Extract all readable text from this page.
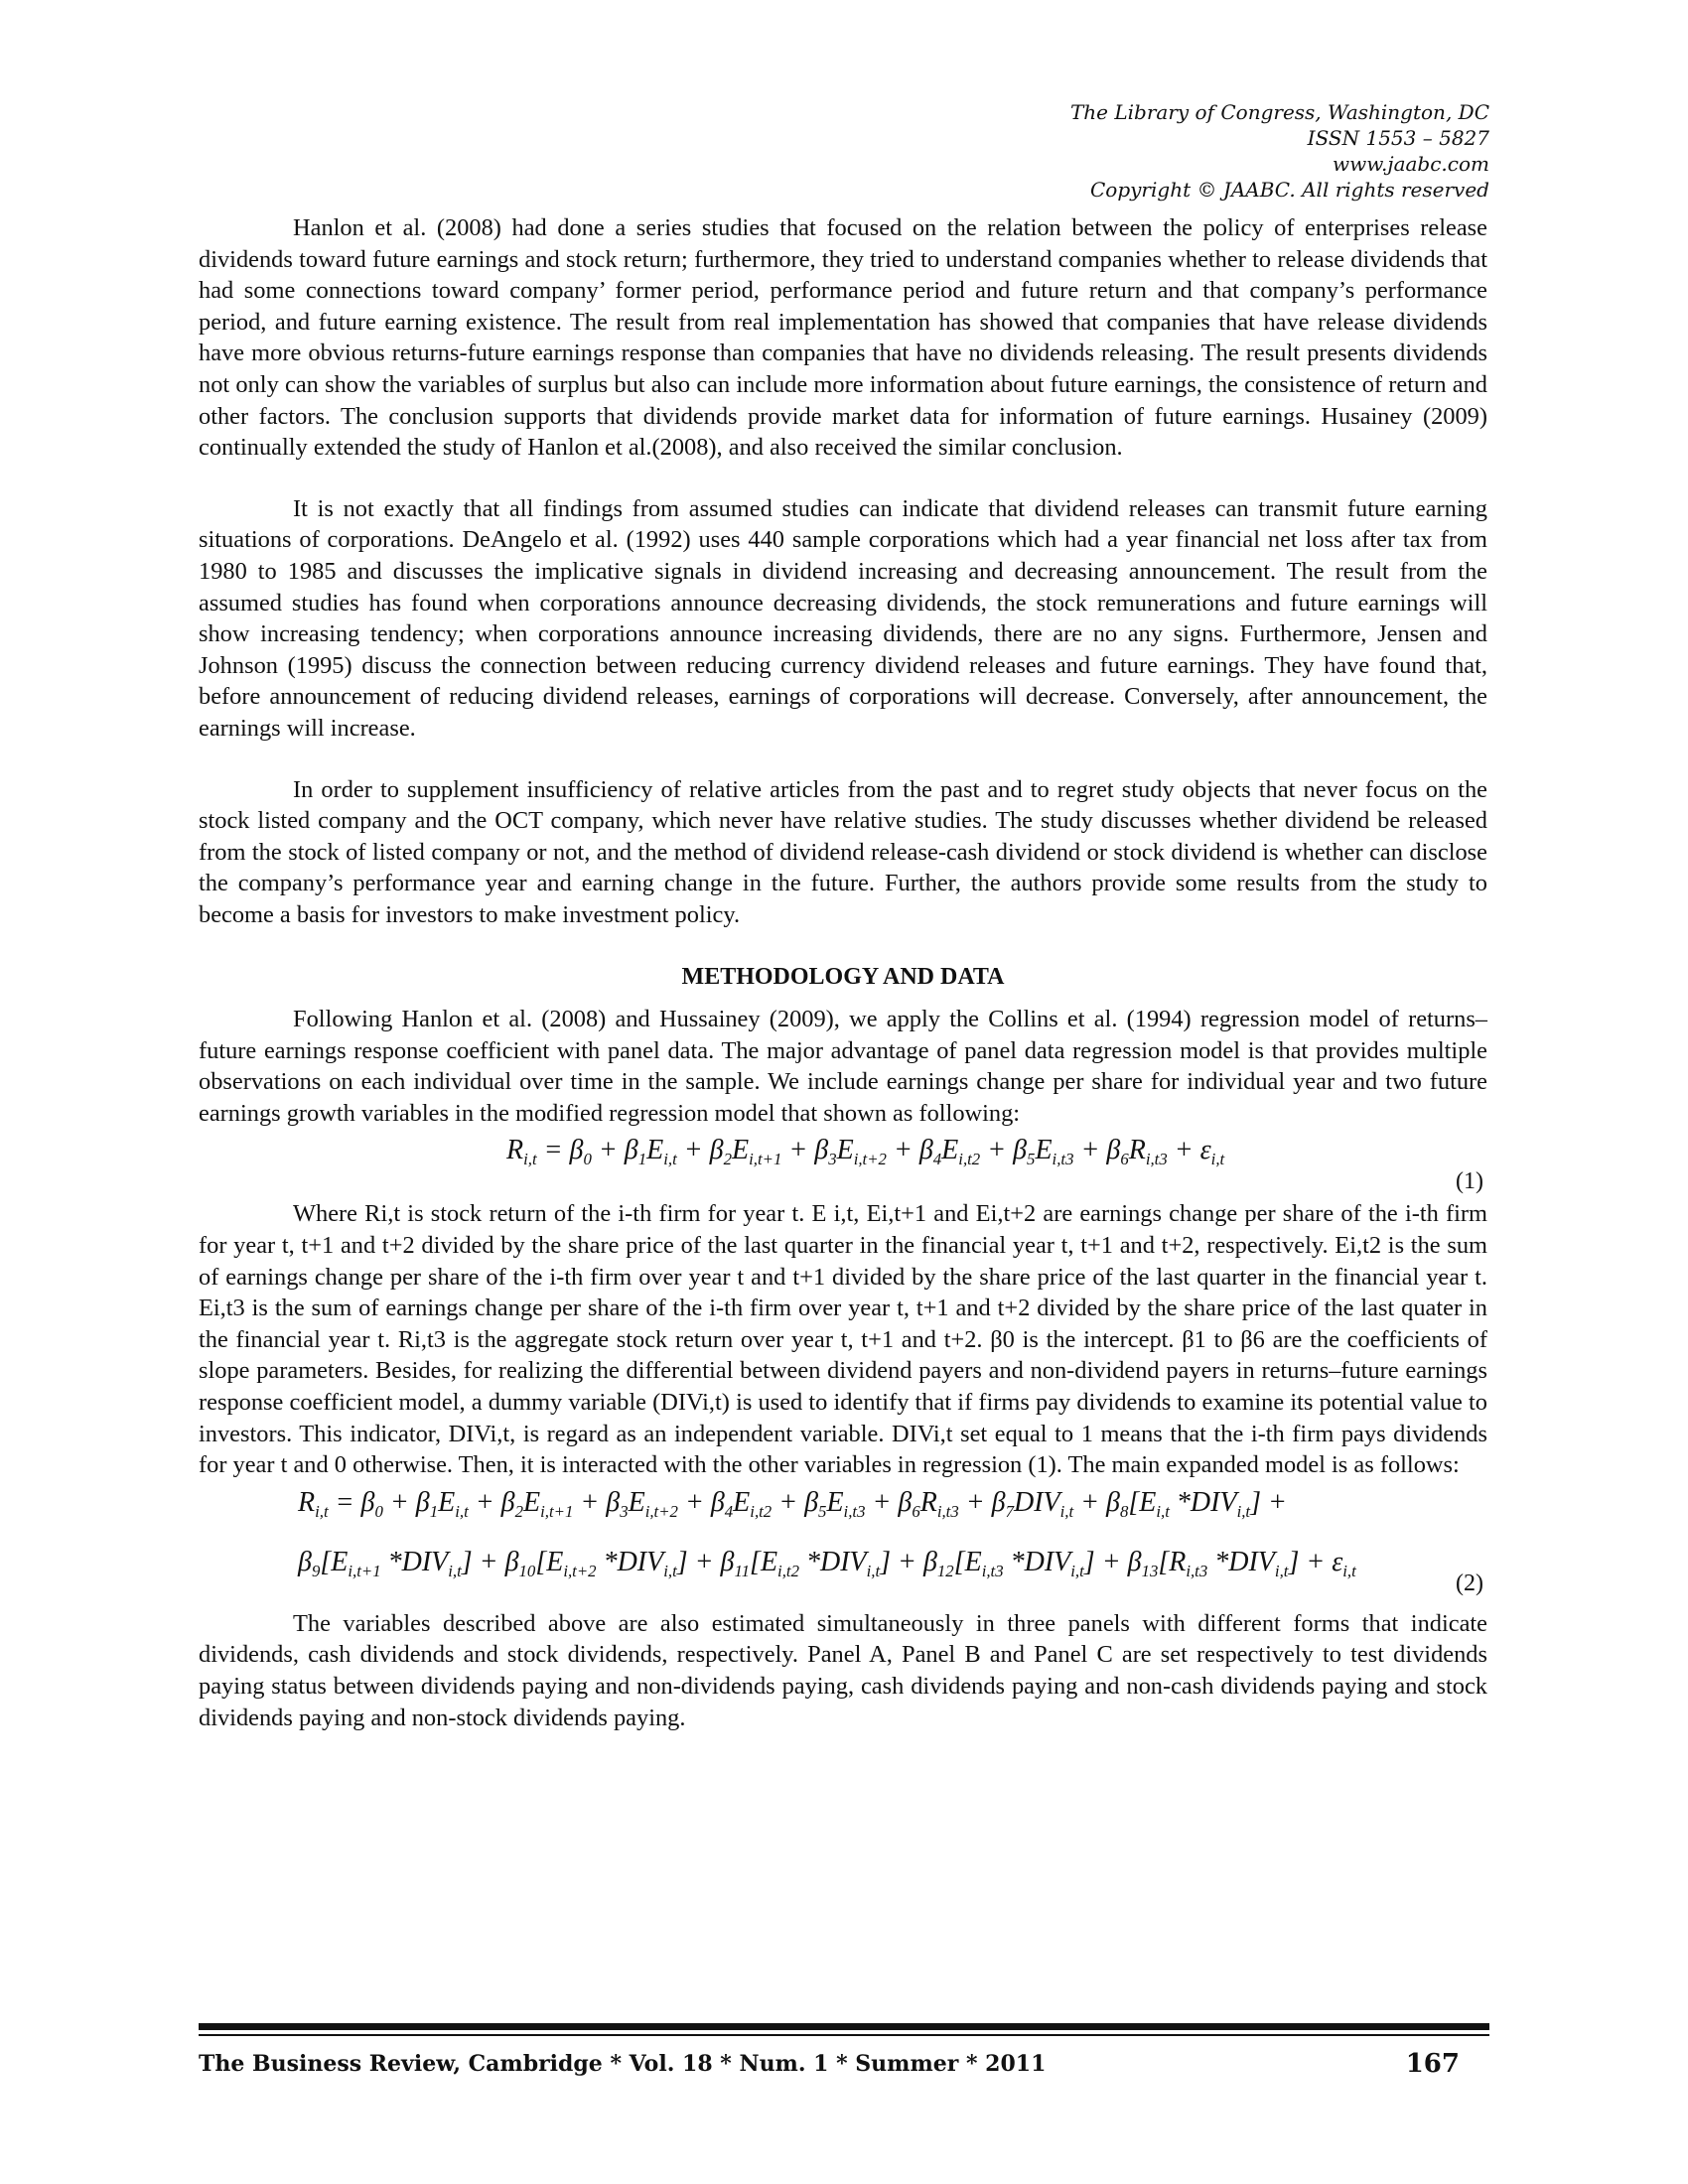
The Library of Congress, Washington, DC
ISSN 1553 – 5827
www.jaabc.com
Copyright © JAABC. All rights reserved

Hanlon et al. (2008) had done a series studies that focused on the relation between the policy of enterprises release dividends toward future earnings and stock return; furthermore, they tried to understand companies whether to release dividends that had some connections toward company’ former period, performance period and future return and that company’s performance period, and future earning existence. The result from real implementation has showed that companies that have release dividends have more obvious returns-future earnings response than companies that have no dividends releasing. The result presents dividends not only can show the variables of surplus but also can include more information about future earnings, the consistence of return and other factors. The conclusion supports that dividends provide market data for information of future earnings. Husainey (2009) continually extended the study of Hanlon et al.(2008), and also received the similar conclusion.

It is not exactly that all findings from assumed studies can indicate that dividend releases can transmit future earning situations of corporations. DeAngelo et al. (1992) uses 440 sample corporations which had a year financial net loss after tax from 1980 to 1985 and discusses the implicative signals in dividend increasing and decreasing announcement. The result from the assumed studies has found when corporations announce decreasing dividends, the stock remunerations and future earnings will show increasing tendency; when corporations announce increasing dividends, there are no any signs. Furthermore, Jensen and Johnson (1995) discuss the connection between reducing currency dividend releases and future earnings. They have found that, before announcement of reducing dividend releases, earnings of corporations will decrease. Conversely, after announcement, the earnings will increase.

In order to supplement insufficiency of relative articles from the past and to regret study objects that never focus on the stock listed company and the OCT company, which never have relative studies. The study discusses whether dividend be released from the stock of listed company or not, and the method of dividend release-cash dividend or stock dividend is whether can disclose the company’s performance year and earning change in the future. Further, the authors provide some results from the study to become a basis for investors to make investment policy.

METHODOLOGY AND DATA

Following Hanlon et al. (2008) and Hussainey (2009), we apply the Collins et al. (1994) regression model of returns–future earnings response coefficient with panel data. The major advantage of panel data regression model is that provides multiple observations on each individual over time in the sample. We include earnings change per share for individual year and two future earnings growth variables in the modified regression model that shown as following:

$R_{i,t} = \beta_0 + \beta_1E_{i,t} + \beta_2E_{i,t+1} + \beta_3E_{i,t+2} + \beta_4E_{i,t2} + \beta_5E_{i,t3} + \beta_6R_{i,t3} + \varepsilon_{i,t}$
(1)

Where Ri,t is stock return of the i-th firm for year t. E i,t, Ei,t+1 and Ei,t+2 are earnings change per share of the i-th firm for year t, t+1 and t+2 divided by the share price of the last quarter in the financial year t, t+1 and t+2, respectively. Ei,t2 is the sum of earnings change per share of the i-th firm over year t and t+1 divided by the share price of the last quarter in the financial year t. Ei,t3 is the sum of earnings change per share of the i-th firm over year t, t+1 and t+2 divided by the share price of the last quater in the financial year t. Ri,t3 is the aggregate stock return over year t, t+1 and t+2. β0 is the intercept. β1 to β6 are the coefficients of slope parameters. Besides, for realizing the differential between dividend payers and non-dividend payers in returns–future earnings response coefficient model, a dummy variable (DIVi,t) is used to identify that if firms pay dividends to examine its potential value to investors. This indicator, DIVi,t, is regard as an independent variable. DIVi,t set equal to 1 means that the i-th firm pays dividends for year t and 0 otherwise. Then, it is interacted with the other variables in regression (1). The main expanded model is as follows:

$R_{i,t} = \beta_0 + \beta_1E_{i,t} + \beta_2E_{i,t+1} + \beta_3E_{i,t+2} + \beta_4E_{i,t2} + \beta_5E_{i,t3} + \beta_6R_{i,t3} + \beta_7DIV_{i,t} + \beta_8[E_{i,t}$ $*DIV_{i,t}$] +
$\beta_9[E_{i,t+1}$ $*DIV_{i,t}] + \beta_{10}[E_{i,t+2}$ $*DIV_{i,t}] + \beta_{11}[E_{i,t2}$ $*DIV_{i,t}] + \beta_{12}[E_{i,t3}$ $*DIV_{i,t}] + \beta_{13}[R_{i,t3}$ $*DIV_{i,t}] + \varepsilon_{i,t}$	(2)

The variables described above are also estimated simultaneously in three panels with different forms that indicate dividends, cash dividends and stock dividends, respectively. Panel A, Panel B and Panel C are set respectively to test dividends paying status between dividends paying and non-dividends paying, cash dividends paying and non-cash dividends paying and stock dividends paying and non-stock dividends paying.

The Business Review, Cambridge * Vol. 18 * Num. 1 * Summer * 2011	167
